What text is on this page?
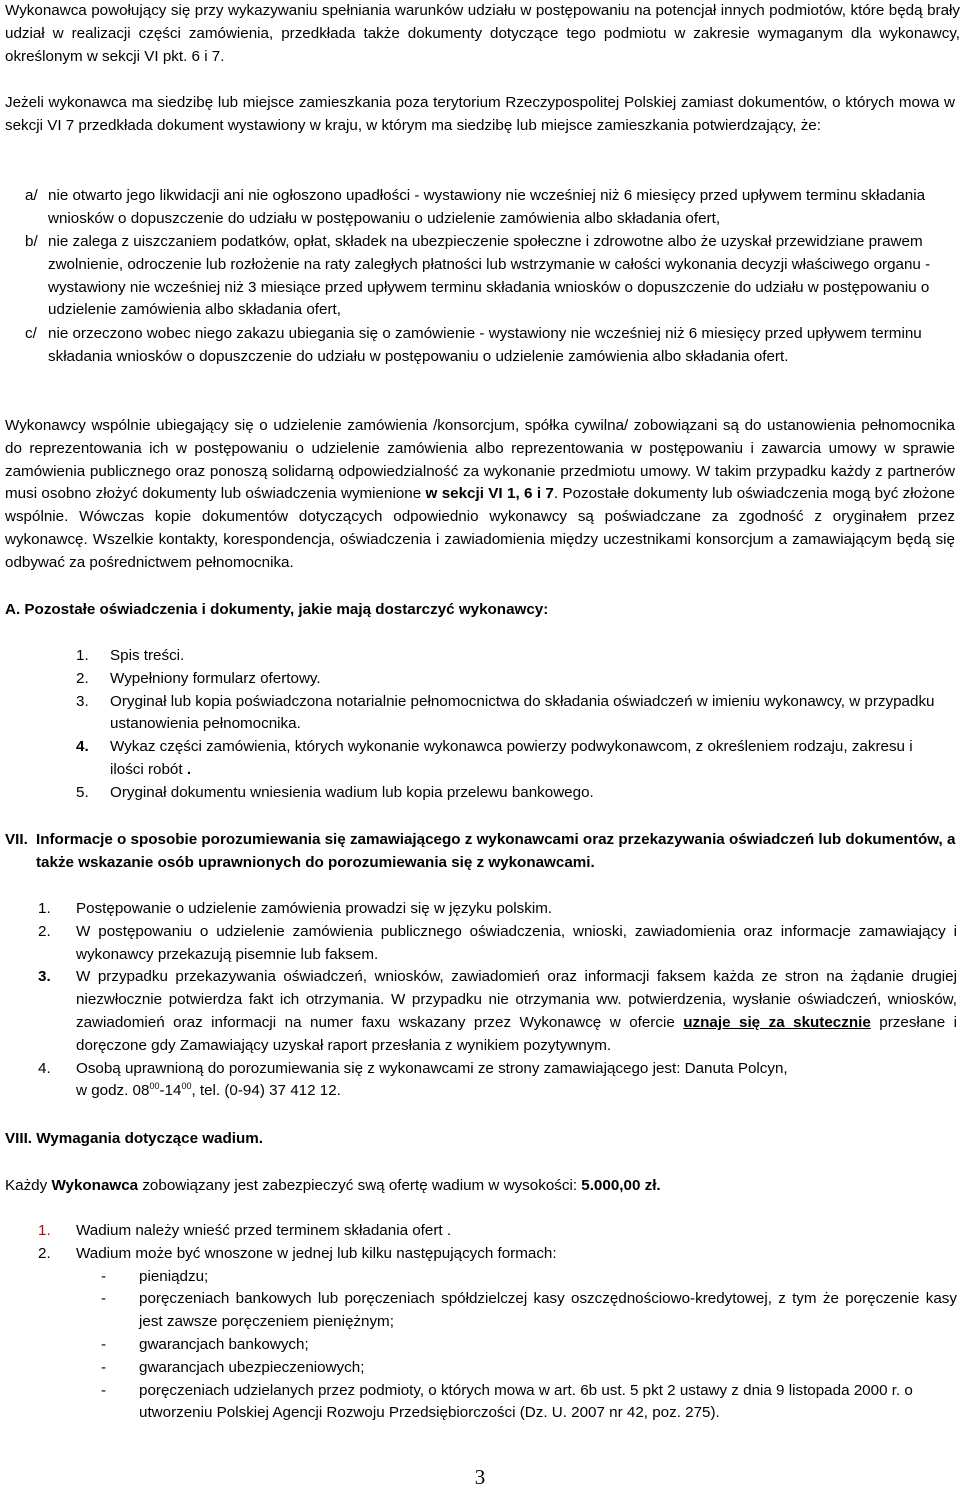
Wykonawca powołujący się przy wykazywaniu spełniania warunków udziału w postępowaniu na potencjał innych podmiotów, które będą brały udział w realizacji części zamówienia, przedkłada także dokumenty dotyczące tego podmiotu w zakresie wymaganym dla wykonawcy, określonym w sekcji VI pkt. 6 i 7.

Jeżeli wykonawca ma siedzibę lub miejsce zamieszkania poza terytorium Rzeczypospolitej Polskiej zamiast dokumentów, o których mowa w sekcji VI 7 przedkłada dokument wystawiony w kraju, w którym ma siedzibę lub miejsce zamieszkania potwierdzający, że:

a/ nie otwarto jego likwidacji ani nie ogłoszono upadłości - wystawiony nie wcześniej niż 6 miesięcy przed upływem terminu składania wniosków o dopuszczenie do udziału w postępowaniu o udzielenie zamówienia albo składania ofert,
b/ nie zalega z uiszczaniem podatków, opłat, składek na ubezpieczenie społeczne i zdrowotne albo że uzyskał przewidziane prawem zwolnienie, odroczenie lub rozłożenie na raty zaległych płatności lub wstrzymanie w całości wykonania decyzji właściwego organu - wystawiony nie wcześniej niż 3 miesiące przed upływem terminu składania wniosków o dopuszczenie do udziału w postępowaniu o udzielenie zamówienia albo składania ofert,
c/ nie orzeczono wobec niego zakazu ubiegania się o zamówienie - wystawiony nie wcześniej niż 6 miesięcy przed upływem terminu składania wniosków o dopuszczenie do udziału w postępowaniu o udzielenie zamówienia albo składania ofert.

Wykonawcy wspólnie ubiegający się o udzielenie zamówienia /konsorcjum, spółka cywilna/ zobowiązani są do ustanowienia pełnomocnika do reprezentowania ich w postępowaniu o udzielenie zamówienia albo reprezentowania w postępowaniu i zawarcia umowy w sprawie zamówienia publicznego oraz ponoszą solidarną odpowiedzialność za wykonanie przedmiotu umowy. W takim przypadku każdy z partnerów musi osobno złożyć dokumenty lub oświadczenia wymienione w sekcji VI 1, 6 i 7. Pozostałe dokumenty lub oświadczenia mogą być złożone wspólnie. Wówczas kopie dokumentów dotyczących odpowiednio wykonawcy są poświadczane za zgodność z oryginałem przez wykonawcę. Wszelkie kontakty, korespondencja, oświadczenia i zawiadomienia między uczestnikami konsorcjum a zamawiającym będą się odbywać za pośrednictwem pełnomocnika.

A. Pozostałe oświadczenia i dokumenty, jakie mają dostarczyć wykonawcy:

1. Spis treści.
2. Wypełniony formularz ofertowy.
3. Oryginał lub kopia poświadczona notarialnie pełnomocnictwa do składania oświadczeń w imieniu wykonawcy, w przypadku ustanowienia pełnomocnika.
4. Wykaz części zamówienia, których wykonanie wykonawca powierzy podwykonawcom, z określeniem rodzaju, zakresu i ilości robót .
5. Oryginał dokumentu wniesienia wadium lub kopia przelewu bankowego.
VII. Informacje o sposobie porozumiewania się zamawiającego z wykonawcami oraz przekazywania oświadczeń lub dokumentów, a także wskazanie osób uprawnionych do porozumiewania się z wykonawcami.
1. Postępowanie o udzielenie zamówienia prowadzi się w języku polskim.
2. W postępowaniu o udzielenie zamówienia publicznego oświadczenia, wnioski, zawiadomienia oraz informacje zamawiający i wykonawcy przekazują pisemnie lub faksem.
3. W przypadku przekazywania oświadczeń, wniosków, zawiadomień oraz informacji faksem każda ze stron na żądanie drugiej niezwłocznie potwierdza fakt ich otrzymania. W przypadku nie otrzymania ww. potwierdzenia, wysłanie oświadczeń, wniosków, zawiadomień oraz informacji na numer faxu wskazany przez Wykonawcę w ofercie uznaje się za skutecznie przesłane i doręczone gdy Zamawiający uzyskał raport przesłania z wynikiem pozytywnym.
4. Osobą uprawnioną do porozumiewania się z wykonawcami ze strony zamawiającego jest: Danuta Polcyn,
w godz. $08^{00}-14^{00}$, tel. (0-94) 37 412 12.

VIII. Wymagania dotyczące wadium.

Każdy Wykonawca zobowiązany jest zabezpieczyć swą ofertę wadium w wysokości: 5.000,00 zł.

1. Wadium należy wnieść przed terminem składania ofert .
2. Wadium może być wnoszone w jednej lub kilku następujących formach:
- pieniądzu;
- poręczeniach bankowych lub poręczeniach spółdzielczej kasy oszczędnościowo-kredytowej, z tym że poręczenie kasy jest zawsze poręczeniem pieniężnym;
- gwarancjach bankowych;
- gwarancjach ubezpieczeniowych;
- poręczeniach udzielanych przez podmioty, o których mowa w art. 6b ust. 5 pkt 2 ustawy z dnia 9 listopada 2000 r. o utworzeniu Polskiej Agencji Rozwoju Przedsiębiorczości (Dz. U. 2007 nr 42, poz. 275).
3
